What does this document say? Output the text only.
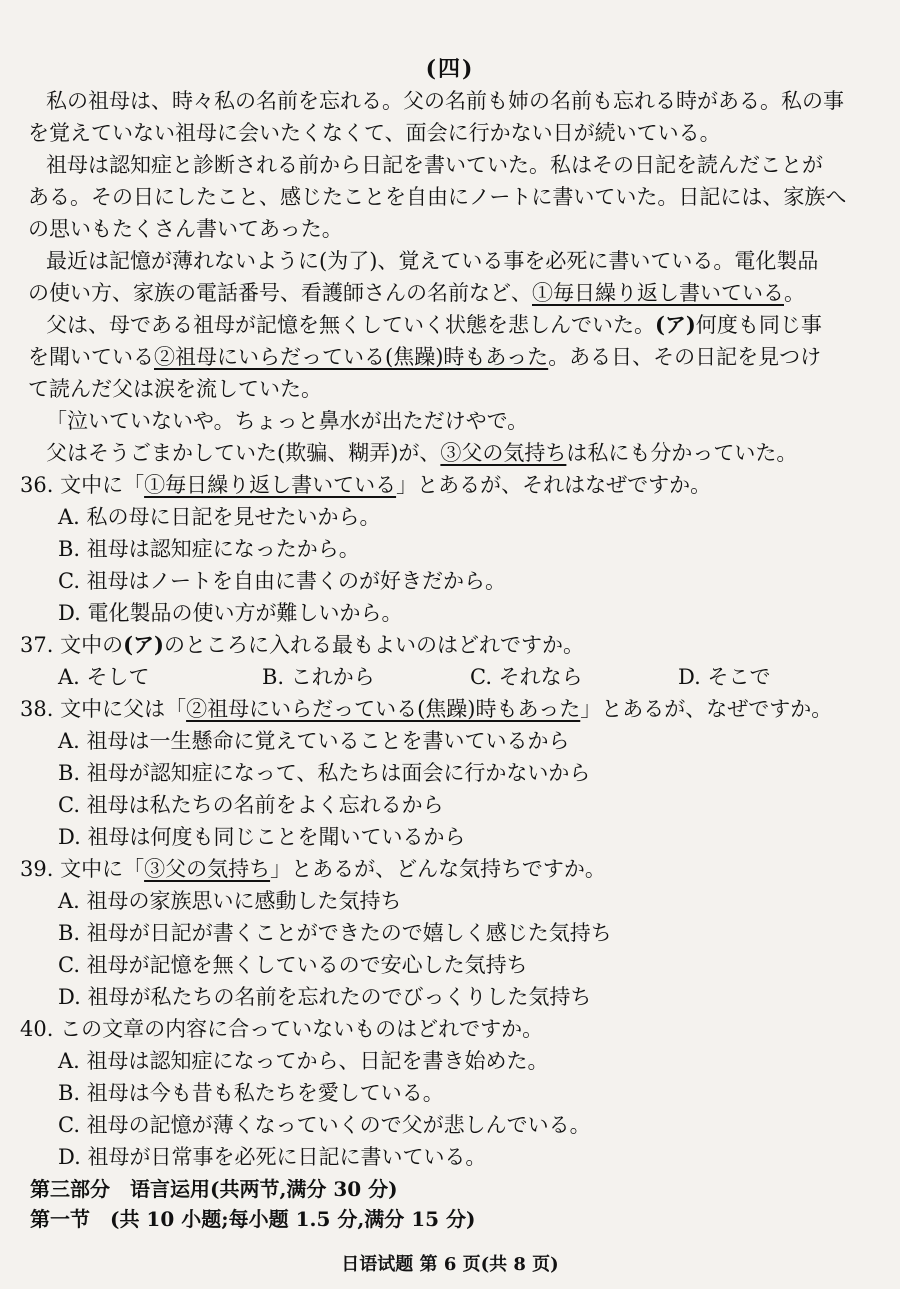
(四)
私の祖母は、時々私の名前を忘れる。父の名前も姉の名前も忘れる時がある。私の事
を覚えていない祖母に会いたくなくて、面会に行かない日が続いている。
祖母は認知症と診断される前から日記を書いていた。私はその日記を読んだことが
ある。その日にしたこと、感じたことを自由にノートに書いていた。日記には、家族へ
の思いもたくさん書いてあった。
最近は記憶が薄れないように(为了)、覚えている事を必死に書いている。電化製品
の使い方、家族の電話番号、看護師さんの名前など、①毎日繰り返し書いている。
父は、母である祖母が記憶を無くしていく状態を悲しんでいた。(ア)何度も同じ事
を聞いている②祖母にいらだっている(焦躁)時もあった。ある日、その日記を見つけ
て読んだ父は涙を流していた。
「泣いていないや。ちょっと鼻水が出ただけやで。
父はそうごまかしていた(欺骗、糊弄)が、③父の気持ちは私にも分かっていた。
36. 文中に「①毎日繰り返し書いている」とあるが、それはなぜですか。
A. 私の母に日記を見せたいから。
B. 祖母は認知症になったから。
C. 祖母はノートを自由に書くのが好きだから。
D. 電化製品の使い方が難しいから。
37. 文中の(ア)のところに入れる最もよいのはどれですか。
A. そして	B. これから	C. それなら	D. そこで
38. 文中に父は「②祖母にいらだっている(焦躁)時もあった」とあるが、なぜですか。
A. 祖母は一生懸命に覚えていることを書いているから
B. 祖母が認知症になって、私たちは面会に行かないから
C. 祖母は私たちの名前をよく忘れるから
D. 祖母は何度も同じことを聞いているから
39. 文中に「③父の気持ち」とあるが、どんな気持ちですか。
A. 祖母の家族思いに感動した気持ち
B. 祖母が日記が書くことができたので嬉しく感じた気持ち
C. 祖母が記憶を無くしているので安心した気持ち
D. 祖母が私たちの名前を忘れたのでびっくりした気持ち
40. この文章の内容に合っていないものはどれですか。
A. 祖母は認知症になってから、日記を書き始めた。
B. 祖母は今も昔も私たちを愛している。
C. 祖母の記憶が薄くなっていくので父が悲しんでいる。
D. 祖母が日常事を必死に日記に書いている。
第三部分　语言运用(共两节,满分 30 分)
第一节　(共 10 小题;每小题 1.5 分,满分 15 分)
日语试题 第 6 页(共 8 页)
